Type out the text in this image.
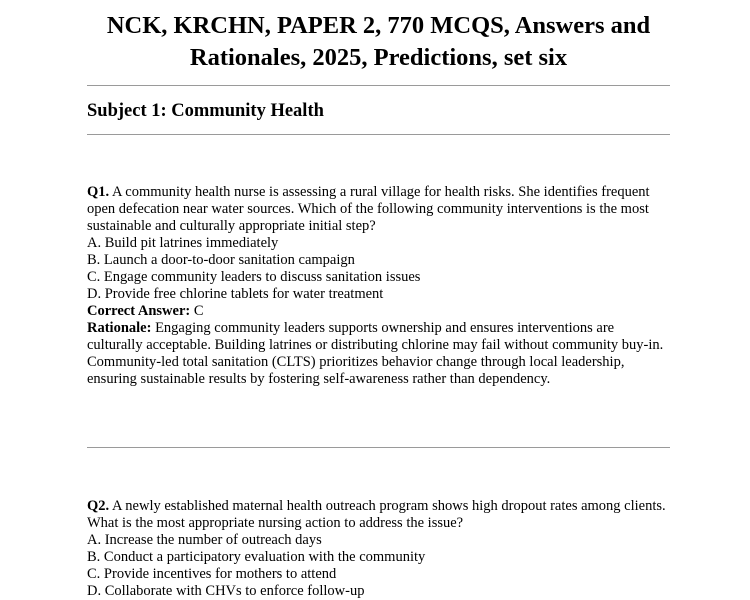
NCK, KRCHN, PAPER 2, 770 MCQS, Answers and
Rationales, 2025, Predictions, set six
Subject 1: Community Health

Q1. A community health nurse is assessing a rural village for health risks. She identifies frequent open defecation near water sources. Which of the following community interventions is the most sustainable and culturally appropriate initial step?

A. Build pit latrines immediately

B. Launch a door-to-door sanitation campaign

C. Engage community leaders to discuss sanitation issues

D. Provide free chlorine tablets for water treatment

Correct Answer: C

Rationale: Engaging community leaders supports ownership and ensures interventions are culturally acceptable. Building latrines or distributing chlorine may fail without community buy-in. Community-led total sanitation (CLTS) prioritizes behavior change through local leadership, ensuring sustainable results by fostering self-awareness rather than dependency.

Q2. A newly established maternal health outreach program shows high dropout rates among clients. What is the most appropriate nursing action to address the issue?

A. Increase the number of outreach days

B. Conduct a participatory evaluation with the community

C. Provide incentives for mothers to attend

D. Collaborate with CHVs to enforce follow-up
